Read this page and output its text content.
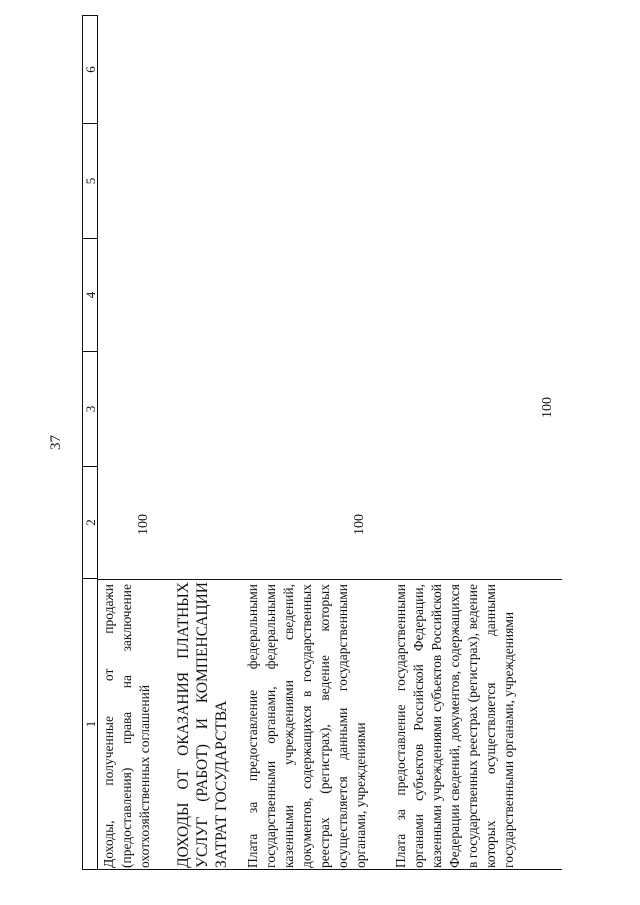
37
1
2
3
4
5
6
Доходы, полученные от продажи (предоставления) права на заключение охотхозяйственных соглашений
100
ДОХОДЫ ОТ ОКАЗАНИЯ ПЛАТНЫХ УСЛУГ (РАБОТ) И КОМПЕНСАЦИИ ЗАТРАТ ГОСУДАРСТВА Плата за предоставление федеральными государственными органами, федеральными казенными учреждениями сведений, документов, содержащихся в государственных реестрах (регистрах), ведение которых осуществляется данными государственными органами, учреждениями
100
Плата за предоставление государственными органами субъектов Российской Федерации, казенными учреждениями субъектов Российской Федерации сведений, документов, содержащихся в государственных реестрах (регистрах), ведение которых осуществляется данными государственными органами, учреждениями
100
